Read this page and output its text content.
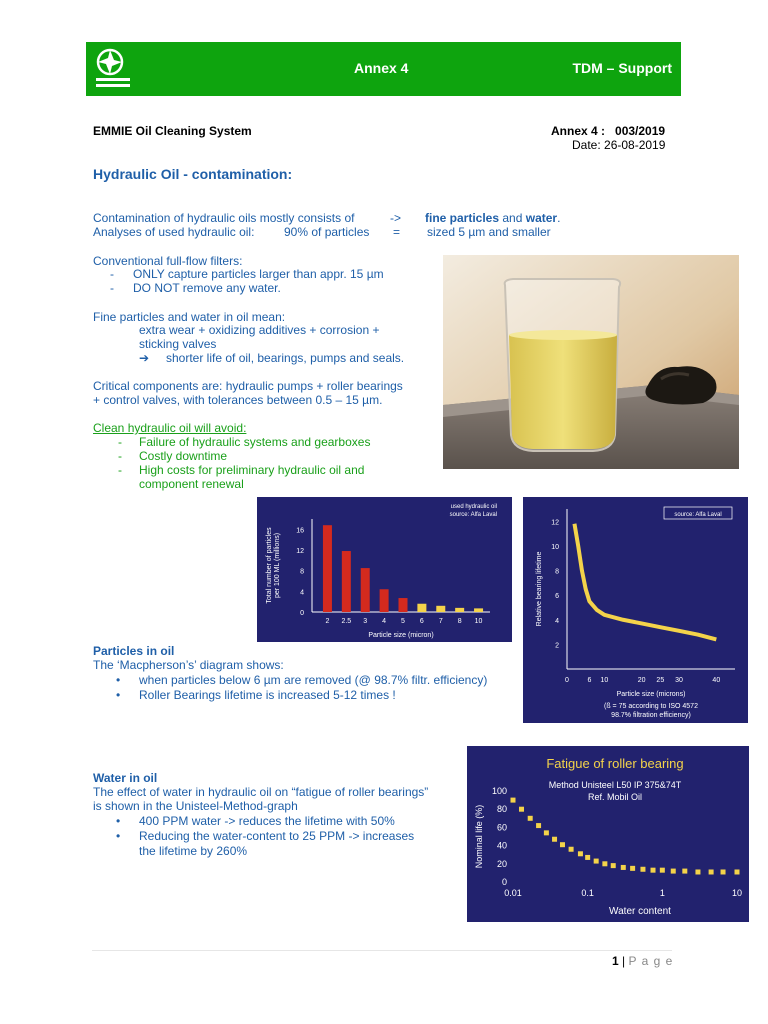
Annex 4	TDM – Support
EMMIE Oil Cleaning System	Annex 4 :   003/2019
Date: 26-08-2019
Hydraulic Oil - contamination:
Contamination of hydraulic oils mostly consists of	-> fine particles and water.
Analyses of used hydraulic oil: 90% of particles = sized 5 µm and smaller
Conventional full-flow filters:
- ONLY capture particles larger than appr. 15 µm
- DO NOT remove any water.
Fine particles and water in oil mean:
extra wear + oxidizing additives + corrosion +
sticking valves
➔ shorter life of oil, bearings, pumps and seals.
Critical components are: hydraulic pumps + roller bearings
+ control valves, with tolerances between 0.5 – 15 µm.
Clean hydraulic oil will avoid:
- Failure of hydraulic systems and gearboxes
- Costly downtime
- High costs for preliminary hydraulic oil and
component renewal
16
12
8
4
0
2 2.5 3 4 5 6 7 8 10
Particle size (micron)
Total number of particlesper 100 ML (millions)
used hydraulic oil
source: Alfa Laval
12
10
8
6
4
2
0	6 10	20 25 30	40
Particle size (microns)
Relative bearing lifetime
source: Alfa Laval
(ß = 75 according to ISO 4572
98.7% filtration efficiency)
Particles in oil
The ‘Macpherson’s’ diagram shows:
• when particles below 6 µm are removed (@ 98.7% filtr. efficiency)
• Roller Bearings lifetime is increased 5-12 times !
Fatigue of roller bearing
Method Unisteel L50 IP 375&74T
Ref. Mobil Oil
100
80
60
40
20
0
0.01	0.1	1	10
Water content
Nominal life (%)
Water in oil
The effect of water in hydraulic oil on “fatigue of roller bearings”
is shown in the Unisteel-Method-graph
• 400 PPM water -> reduces the lifetime with 50%
• Reducing the water-content to 25 PPM -> increases
the lifetime by 260%
1 | P a g e
